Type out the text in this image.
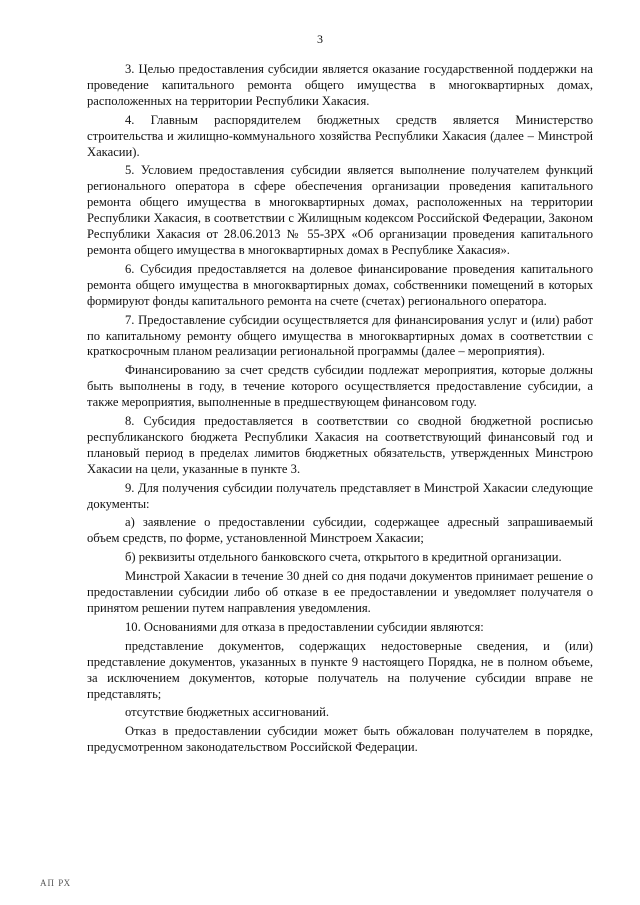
3

3. Целью предоставления субсидии является оказание государственной поддержки на проведение капитального ремонта общего имущества в многоквартирных домах, расположенных на территории Республики Хакасия.

4. Главным распорядителем бюджетных средств является Министерство строительства и жилищно-коммунального хозяйства Республики Хакасия (далее – Минстрой Хакасии).

5. Условием предоставления субсидии является выполнение получателем функций регионального оператора в сфере обеспечения организации проведения капитального ремонта общего имущества в многоквартирных домах, расположенных на территории Республики Хакасия, в соответствии с Жилищным кодексом Российской Федерации, Законом Республики Хакасия от 28.06.2013 № 55-ЗРХ «Об организации проведения капитального ремонта общего имущества в многоквартирных домах в Республике Хакасия».

6. Субсидия предоставляется на долевое финансирование проведения капитального ремонта общего имущества в многоквартирных домах, собственники помещений в которых формируют фонды капитального ремонта на счете (счетах) регионального оператора.

7. Предоставление субсидии осуществляется для финансирования услуг и (или) работ по капитальному ремонту общего имущества в многоквартирных домах в соответствии с краткосрочным планом реализации региональной программы (далее – мероприятия).

Финансированию за счет средств субсидии подлежат мероприятия, которые должны быть выполнены в году, в течение которого осуществляется предоставление субсидии, а также мероприятия, выполненные в предшествующем финансовом году.

8. Субсидия предоставляется в соответствии со сводной бюджетной росписью республиканского бюджета Республики Хакасия на соответствующий финансовый год и плановый период в пределах лимитов бюджетных обязательств, утвержденных Минстрою Хакасии на цели, указанные в пункте 3.

9. Для получения субсидии получатель представляет в Минстрой Хакасии следующие документы:

а) заявление о предоставлении субсидии, содержащее адресный запрашиваемый объем средств, по форме, установленной Минстроем Хакасии;

б) реквизиты отдельного банковского счета, открытого в кредитной организации.

Минстрой Хакасии в течение 30 дней со дня подачи документов принимает решение о предоставлении субсидии либо об отказе в ее предоставлении и уведомляет получателя о принятом решении путем направления уведомления.

10. Основаниями для отказа в предоставлении субсидии являются:

представление документов, содержащих недостоверные сведения, и (или) представление документов, указанных в пункте 9 настоящего Порядка, не в полном объеме, за исключением документов, которые получатель на получение субсидии вправе не представлять;

отсутствие бюджетных ассигнований.

Отказ в предоставлении субсидии может быть обжалован получателем в порядке, предусмотренном законодательством Российской Федерации.

АП РХ
